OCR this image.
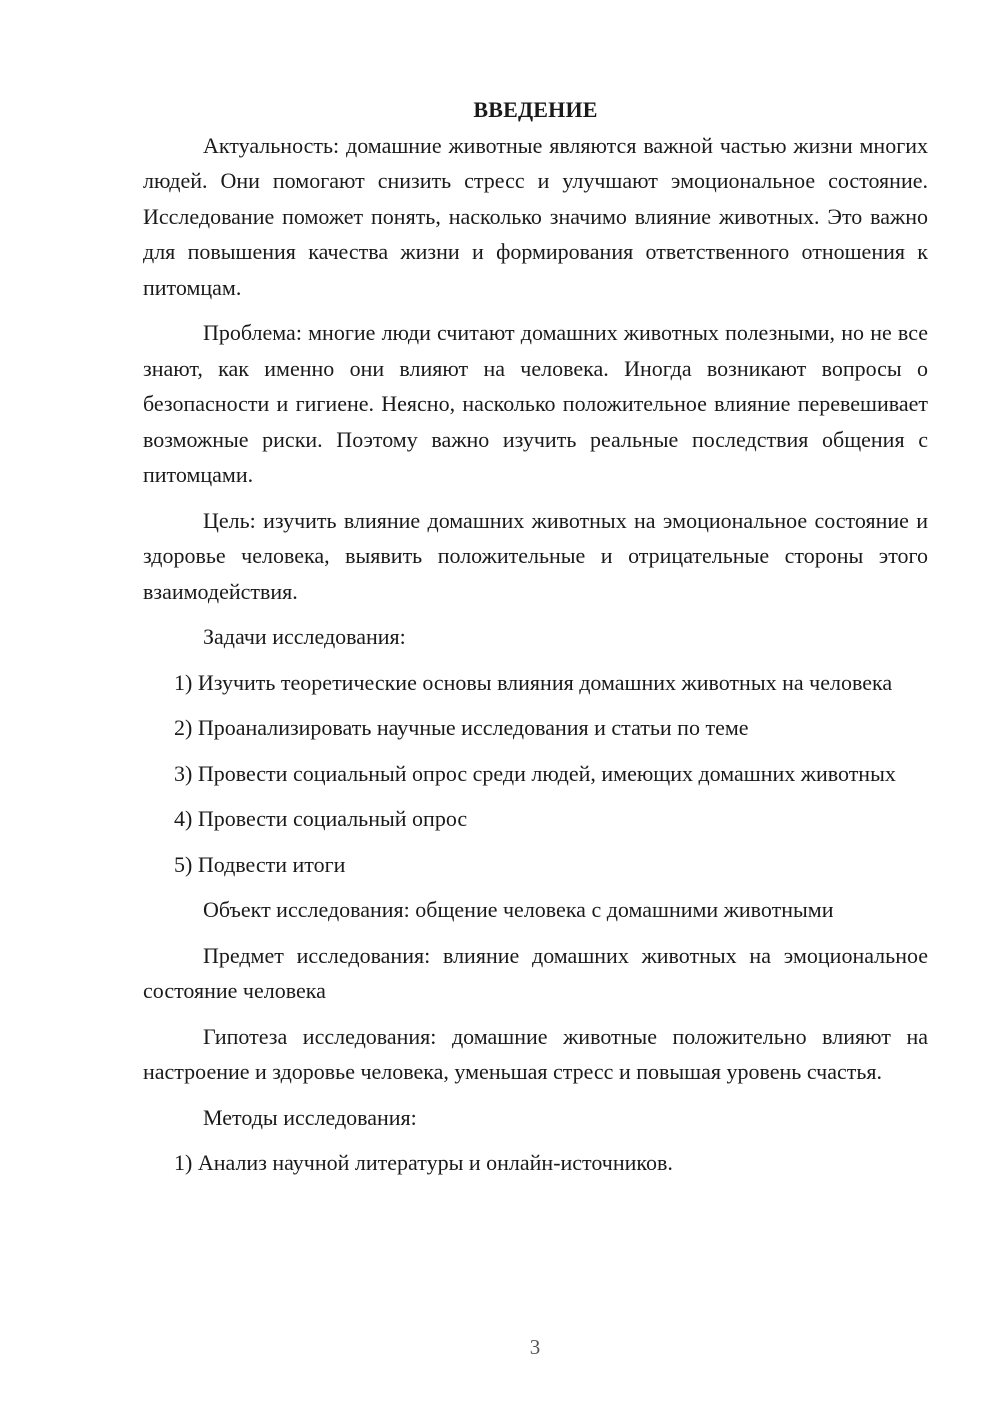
ВВЕДЕНИЕ
Актуальность: домашние животные являются важной частью жизни многих людей. Они помогают снизить стресс и улучшают эмоциональное состояние. Исследование поможет понять, насколько значимо влияние животных. Это важно для повышения качества жизни и формирования ответственного отношения к питомцам.
Проблема: многие люди считают домашних животных полезными, но не все знают, как именно они влияют на человека. Иногда возникают вопросы о безопасности и гигиене. Неясно, насколько положительное влияние перевешивает возможные риски. Поэтому важно изучить реальные последствия общения с питомцами.
Цель: изучить влияние домашних животных на эмоциональное состояние и здоровье человека, выявить положительные и отрицательные стороны этого взаимодействия.
Задачи исследования:
1) Изучить теоретические основы влияния домашних животных на человека
2) Проанализировать научные исследования и статьи по теме
3) Провести социальный опрос среди людей, имеющих домашних животных
4) Провести социальный опрос
5) Подвести итоги
Объект исследования: общение человека с домашними животными
Предмет исследования: влияние домашних животных на эмоциональное состояние человека
Гипотеза исследования: домашние животные положительно влияют на настроение и здоровье человека, уменьшая стресс и повышая уровень счастья.
Методы исследования:
1) Анализ научной литературы и онлайн-источников.
3
